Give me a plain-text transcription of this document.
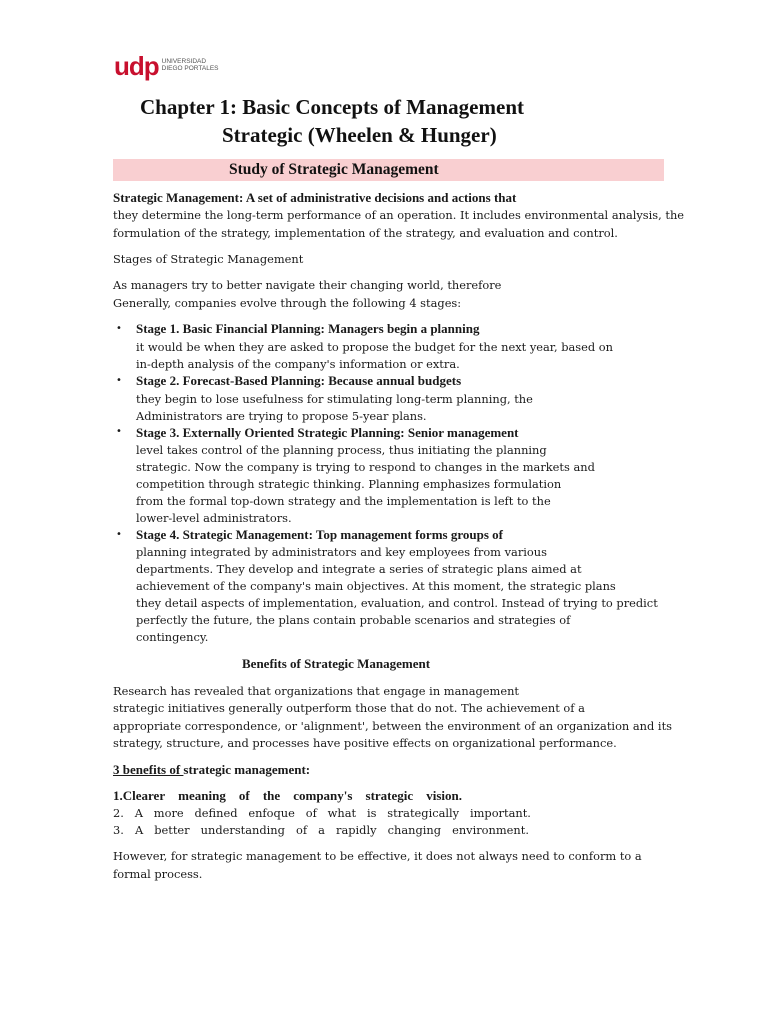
udp UNIVERSIDAD
DIEGO PORTALES
Chapter 1: Basic Concepts of Management
Strategic (Wheelen & Hunger)
Study of Strategic Management
Strategic Management: A set of administrative decisions and actions that
they determine the long-term performance of an operation. It includes environmental analysis, the
formulation of the strategy, implementation of the strategy, and evaluation and control.
Stages of Strategic Management
As managers try to better navigate their changing world, therefore
Generally, companies evolve through the following 4 stages:
• Stage 1. Basic Financial Planning: Managers begin a planning
it would be when they are asked to propose the budget for the next year, based on
in-depth analysis of the company's information or extra.
• Stage 2. Forecast-Based Planning: Because annual budgets
they begin to lose usefulness for stimulating long-term planning, the
Administrators are trying to propose 5-year plans.
• Stage 3. Externally Oriented Strategic Planning: Senior management
level takes control of the planning process, thus initiating the planning
strategic. Now the company is trying to respond to changes in the markets and
competition through strategic thinking. Planning emphasizes formulation
from the formal top-down strategy and the implementation is left to the
lower-level administrators.
• Stage 4. Strategic Management: Top management forms groups of
planning integrated by administrators and key employees from various
departments. They develop and integrate a series of strategic plans aimed at
achievement of the company's main objectives. At this moment, the strategic plans
they detail aspects of implementation, evaluation, and control. Instead of trying to predict
perfectly the future, the plans contain probable scenarios and strategies of
contingency.
Benefits of Strategic Management
Research has revealed that organizations that engage in management
strategic initiatives generally outperform those that do not. The achievement of a
appropriate correspondence, or 'alignment', between the environment of an organization and its
strategy, structure, and processes have positive effects on organizational performance.
3 benefits of strategic management:
1.Clearer meaning of the company's strategic vision.
2. A more defined enfoque of what is strategically important.
3. A better understanding of a rapidly changing environment.
However, for strategic management to be effective, it does not always need to conform to a
formal process.
